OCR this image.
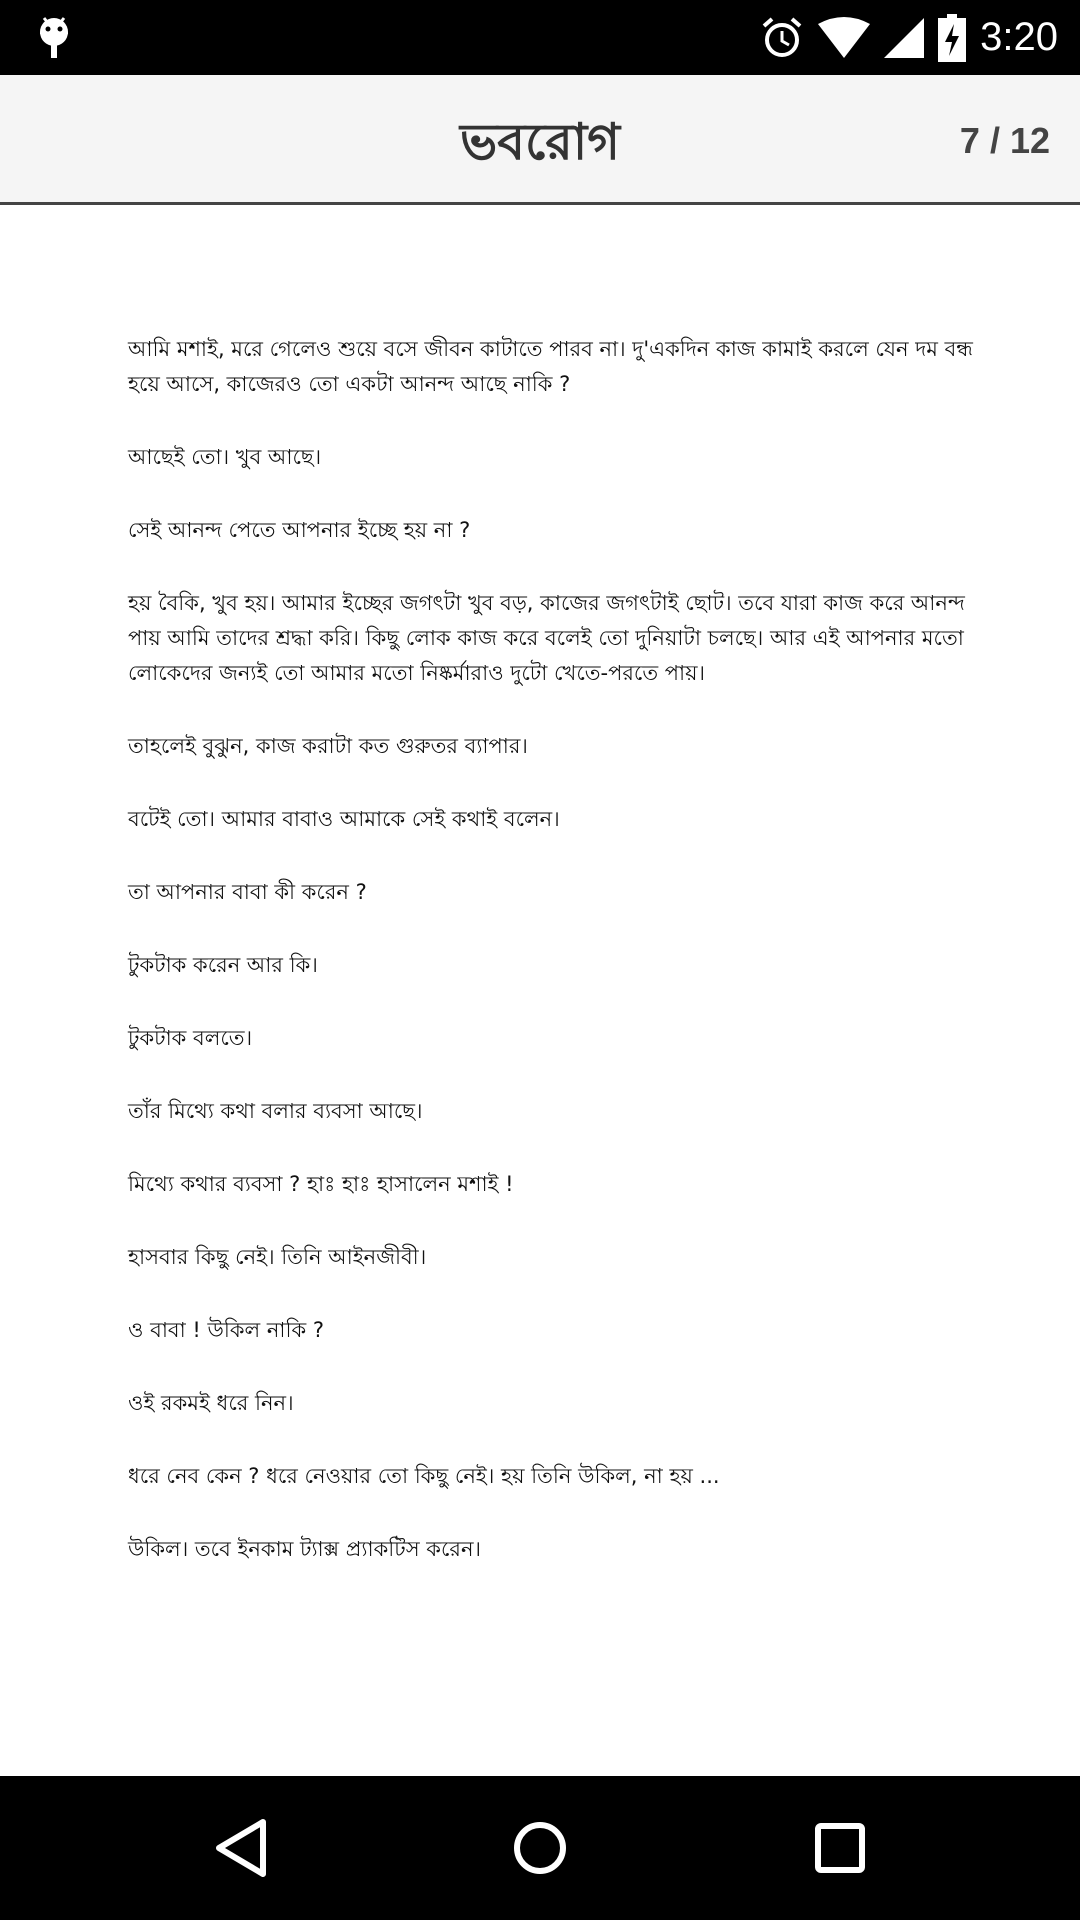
3:20
ভবরোগ	7 / 12

আমি মশাই, মরে গেলেও শুয়ে বসে জীবন কাটাতে পারব না। দু'একদিন কাজ কামাই করলে যেন দম বন্ধ হয়ে আসে, কাজেরও তো একটা আনন্দ আছে নাকি ?

আছেই তো। খুব আছে।

সেই আনন্দ পেতে আপনার ইচ্ছে হয় না ?

হয় বৈকি, খুব হয়। আমার ইচ্ছের জগৎটা খুব বড়, কাজের জগৎটাই ছোট। তবে যারা কাজ করে আনন্দ পায় আমি তাদের শ্রদ্ধা করি। কিছু লোক কাজ করে বলেই তো দুনিয়াটা চলছে। আর এই আপনার মতো লোকেদের জন্যই তো আমার মতো নিষ্কর্মারাও দুটো খেতে-পরতে পায়।

তাহলেই বুঝুন, কাজ করাটা কত গুরুতর ব্যাপার।

বটেই তো। আমার বাবাও আমাকে সেই কথাই বলেন।

তা আপনার বাবা কী করেন ?

টুকটাক করেন আর কি।

টুকটাক বলতে।

তাঁর মিথ্যে কথা বলার ব্যবসা আছে।

মিথ্যে কথার ব্যবসা ? হাঃ হাঃ হাসালেন মশাই !

হাসবার কিছু নেই। তিনি আইনজীবী।

ও বাবা ! উকিল নাকি ?

ওই রকমই ধরে নিন।

ধরে নেব কেন ? ধরে নেওয়ার তো কিছু নেই। হয় তিনি উকিল, না হয় ...

উকিল। তবে ইনকাম ট্যাক্স প্র্যাকটিস করেন।
